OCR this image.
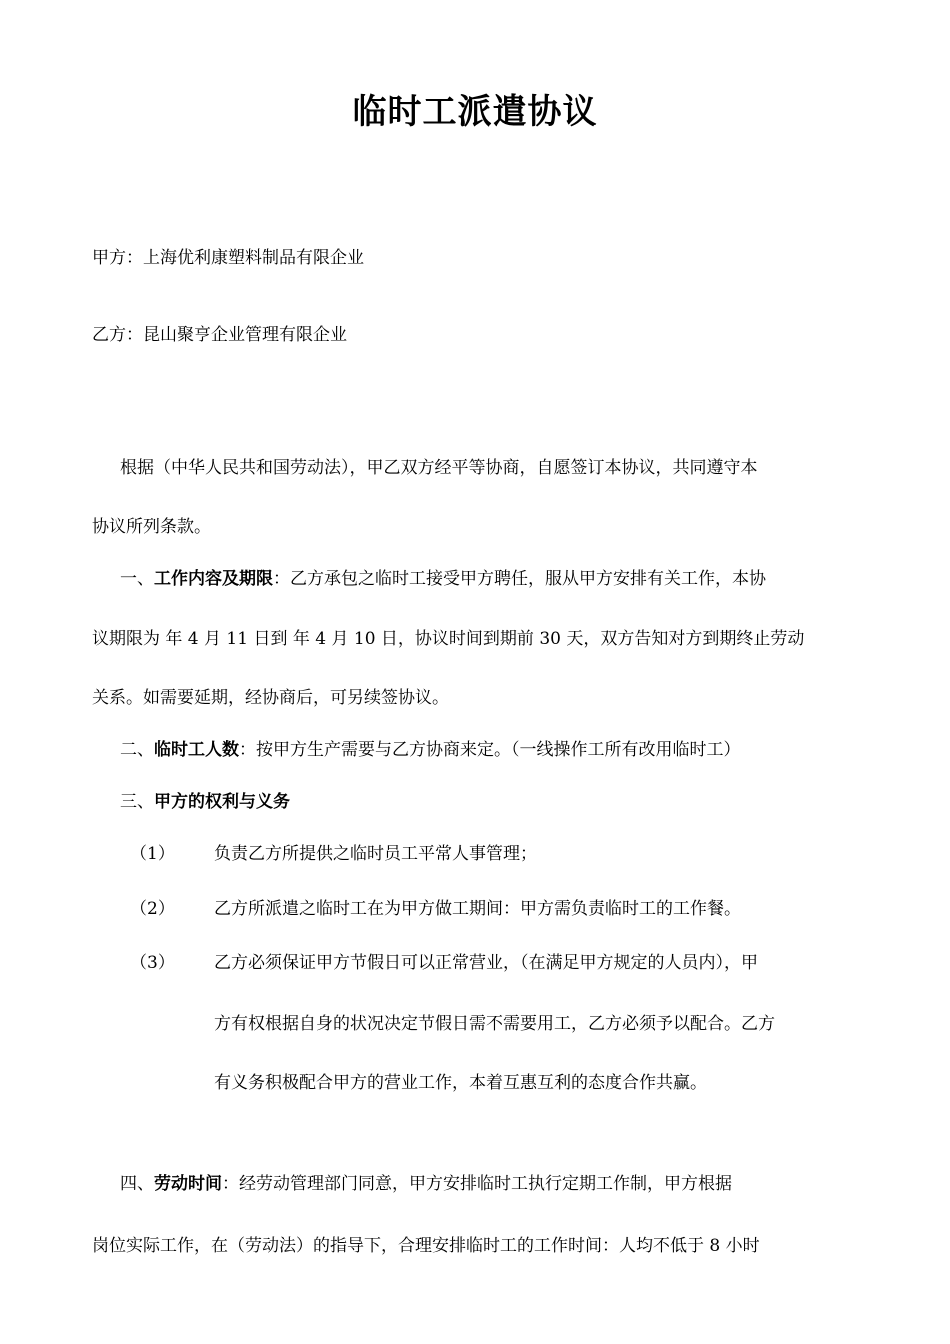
临时工派遣协议
甲方：上海优利康塑料制品有限企业
乙方：昆山聚亨企业管理有限企业
根据（中华人民共和国劳动法），甲乙双方经平等协商，自愿签订本协议，共同遵守本
协议所列条款。
一、工作内容及期限：乙方承包之临时工接受甲方聘任，服从甲方安排有关工作，本协
议期限为 年 4 月 11 日到 年 4 月 10 日，协议时间到期前 30 天，双方告知对方到期终止劳动
关系。如需要延期，经协商后，可另续签协议。
二、临时工人数：按甲方生产需要与乙方协商来定。（一线操作工所有改用临时工）
三、甲方的权利与义务
（1） 负责乙方所提供之临时员工平常人事管理；
（2） 乙方所派遣之临时工在为甲方做工期间：甲方需负责临时工的工作餐。
（3） 乙方必须保证甲方节假日可以正常营业，（在满足甲方规定的人员内），甲
方有权根据自身的状况决定节假日需不需要用工，乙方必须予以配合。乙方
有义务积极配合甲方的营业工作，本着互惠互利的态度合作共赢。
四、劳动时间：经劳动管理部门同意，甲方安排临时工执行定期工作制，甲方根据
岗位实际工作，在（劳动法）的指导下，合理安排临时工的工作时间：人均不低于 8 小时
